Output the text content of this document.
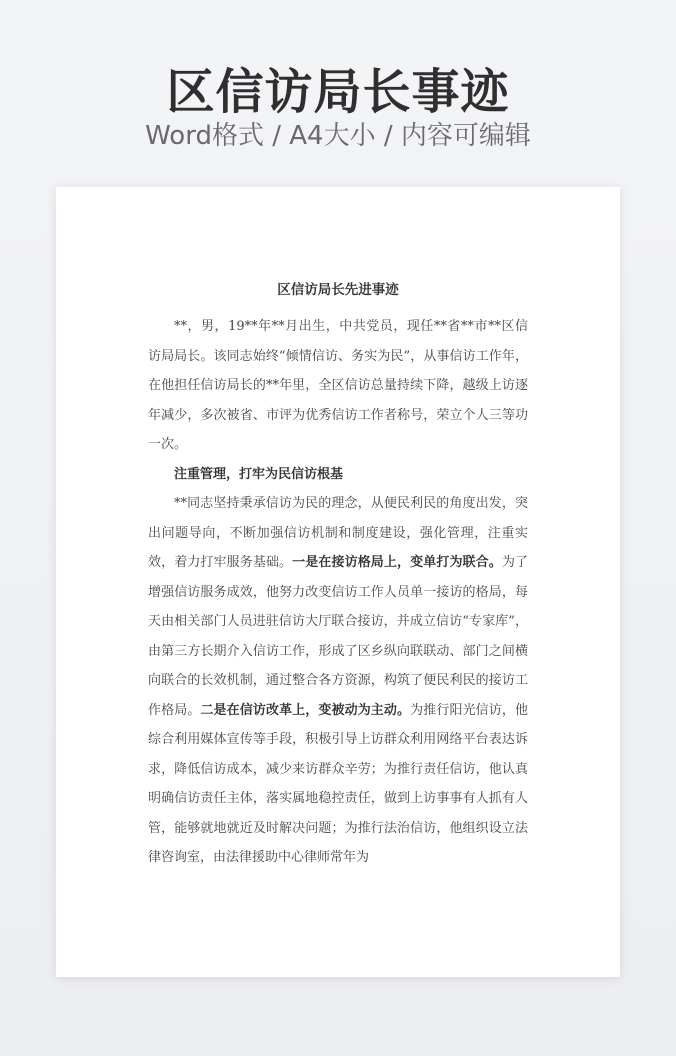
区信访局长事迹
Word格式 / A4大小 / 内容可编辑
区信访局长先进事迹

**，男，19**年**月出生，中共党员，现任**省**市**区信访局局长。该同志始终“倾情信访、务实为民”，从事信访工作年，在他担任信访局长的**年里，全区信访总量持续下降，越级上访逐年减少，多次被省、市评为优秀信访工作者称号，荣立个人三等功一次。

注重管理，打牢为民信访根基

**同志坚持秉承信访为民的理念，从便民利民的角度出发，突出问题导向，不断加强信访机制和制度建设，强化管理，注重实效，着力打牢服务基础。一是在接访格局上，变单打为联合。为了增强信访服务成效，他努力改变信访工作人员单一接访的格局，每天由相关部门人员进驻信访大厅联合接访，并成立信访“专家库”，由第三方长期介入信访工作，形成了区乡纵向联联动、部门之间横向联合的长效机制，通过整合各方资源，构筑了便民利民的接访工作格局。二是在信访改革上，变被动为主动。为推行阳光信访，他综合利用媒体宣传等手段，积极引导上访群众利用网络平台表达诉求，降低信访成本，减少来访群众辛劳；为推行责任信访，他认真明确信访责任主体，落实属地稳控责任，做到上访事事有人抓有人管，能够就地就近及时解决问题；为推行法治信访，他组织设立法律咨询室，由法律援助中心律师常年为
